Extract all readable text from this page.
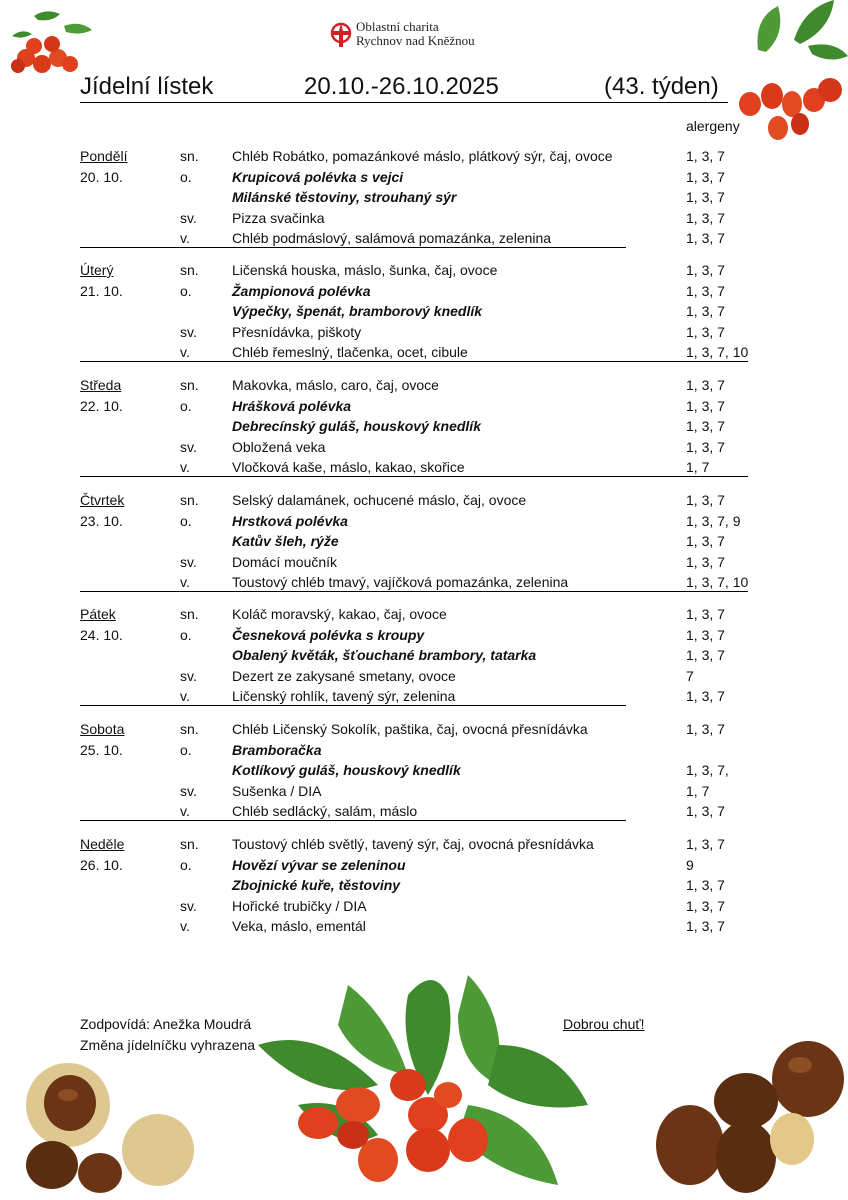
Oblastní charita
Rychnov nad Kněžnou
Jídelní lístek	20.10.-26.10.2025	(43. týden)
alergeny
Pondělí	sn. Chléb Robátko, pomazánkové máslo, plátkový sýr, čaj, ovoce	1, 3, 7
20. 10.	o.	Krupicová polévka s vejci	1, 3, 7
Milánské těstoviny, strouhaný sýr	1, 3, 7
sv.	Pizza svačinka	1, 3, 7
v.	Chléb podmáslový, salámová pomazánka, zelenina	1, 3, 7
Úterý	sn. Ličenská houska, máslo, šunka, čaj, ovoce	1, 3, 7
21. 10.	o.	Žampionová polévka	1, 3, 7
Výpečky, špenát, bramborový knedlík	1, 3, 7
sv.	Přesnídávka, piškoty	1, 3, 7
v.	Chléb řemeslný, tlačenka, ocet, cibule	1, 3, 7, 10
Středa	sn. Makovka, máslo, caro, čaj, ovoce	1, 3, 7
22. 10.	o.	Hrášková polévka	1, 3, 7
Debrecínský guláš, houskový knedlík	1, 3, 7
sv.	Obložená veka	1, 3, 7
v.	Vločková kaše, máslo, kakao, skořice	1, 7
Čtvrtek	sn. Selský dalamánek, ochucené máslo, čaj, ovoce	1, 3, 7
23. 10.	o.	Hrstková polévka	1, 3, 7, 9
Katův šleh, rýže	1, 3, 7
sv.	Domácí moučník	1, 3, 7
v.	Toustový chléb tmavý, vajíčková pomazánka, zelenina	1, 3, 7, 10
Pátek	sn. Koláč moravský, kakao, čaj, ovoce	1, 3, 7
24. 10.	o.	Česneková polévka s kroupy	1, 3, 7
Obalený květák, šťouchané brambory, tatarka	1, 3, 7
sv.	Dezert ze zakysané smetany, ovoce	7
v.	Ličenský rohlík, tavený sýr, zelenina	1, 3, 7
Sobota	sn. Chléb Ličenský Sokolík, paštika, čaj, ovocná přesnídávka	1, 3, 7
25. 10.	o.	Bramboračka
Kotlíkový guláš, houskový knedlík	1, 3, 7,
sv.	Sušenka / DIA	1, 7
v.	Chléb sedlácký, salám, máslo	1, 3, 7
Neděle	sn. Toustový chléb světlý, tavený sýr, čaj, ovocná přesnídávka	1, 3, 7
26. 10.	o.	Hovězí vývar se zeleninou	9
Zbojnické kuře, těstoviny	1, 3, 7
sv.	Hořické trubičky / DIA	1, 3, 7
v.	Veka, máslo, ementál	1, 3, 7
Zodpovídá: Anežka Moudrá
Změna jídelníčku vyhrazena
Dobrou chuť!
